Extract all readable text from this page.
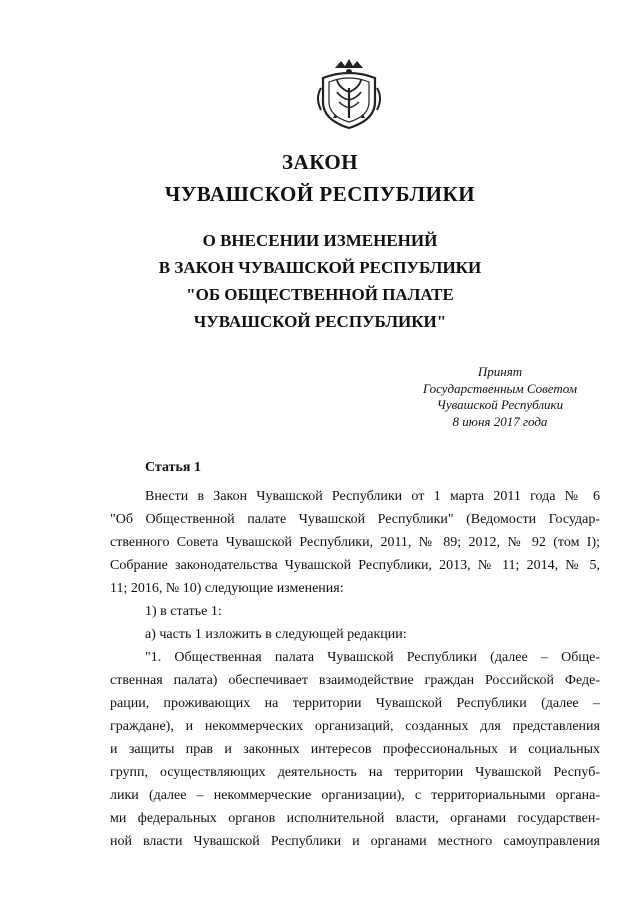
ЗАКОН
ЧУВАШСКОЙ РЕСПУБЛИКИ
О ВНЕСЕНИИ ИЗМЕНЕНИЙ
В ЗАКОН ЧУВАШСКОЙ РЕСПУБЛИКИ
"ОБ ОБЩЕСТВЕННОЙ ПАЛАТЕ
ЧУВАШСКОЙ РЕСПУБЛИКИ"
Принят
Государственным Советом
Чувашской Республики
8 июня 2017 года
Статья 1
Внести в Закон Чувашской Республики от 1 марта 2011 года № 6
"Об Общественной палате Чувашской Республики" (Ведомости Государ-
ственного Совета Чувашской Республики, 2011, № 89; 2012, № 92 (том I);
Собрание законодательства Чувашской Республики, 2013, № 11; 2014, № 5,
11; 2016, № 10) следующие изменения:
1) в статье 1:
а) часть 1 изложить в следующей редакции:
"1. Общественная палата Чувашской Республики (далее – Обще-
ственная палата) обеспечивает взаимодействие граждан Российской Феде-
рации, проживающих на территории Чувашской Республики (далее –
граждане), и некоммерческих организаций, созданных для представления
и защиты прав и законных интересов профессиональных и социальных
групп, осуществляющих деятельность на территории Чувашской Респуб-
лики (далее – некоммерческие организации), с территориальными органа-
ми федеральных органов исполнительной власти, органами государствен-
ной власти Чувашской Республики и органами местного самоуправления
